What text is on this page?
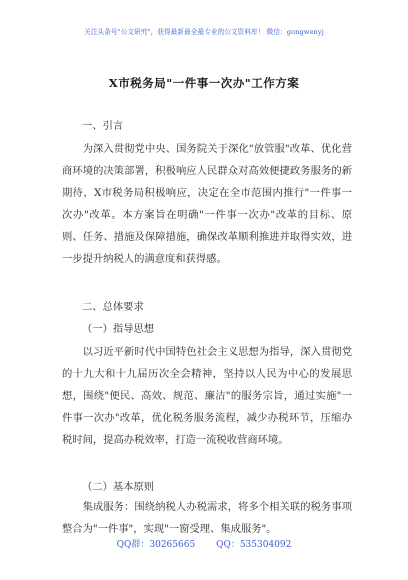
关注头条号"公文研究"，获得最新最全最专业的公文资料库！ 微信：gongwenyj
X市税务局"一件事一次办"工作方案
一、引言

为深入贯彻党中央、国务院关于深化"放管服"改革、优化营商环境的决策部署，积极响应人民群众对高效便捷政务服务的新期待，X市税务局积极响应，决定在全市范围内推行"一件事一次办"改革。本方案旨在明确"一件事一次办"改革的目标、原则、任务、措施及保障措施，确保改革顺利推进并取得实效，进一步提升纳税人的满意度和获得感。

二、总体要求
（一）指导思想

以习近平新时代中国特色社会主义思想为指导，深入贯彻党的十九大和十九届历次全会精神，坚持以人民为中心的发展思想，围绕"便民、高效、规范、廉洁"的服务宗旨，通过实施"一件事一次办"改革，优化税务服务流程，减少办税环节，压缩办税时间，提高办税效率，打造一流税收营商环境。

（二）基本原则

集成服务：围绕纳税人办税需求，将多个相关联的税务事项整合为"一件事"，实现"一窗受理、集成服务"。

QQ群：30265665 QQ：535304092
